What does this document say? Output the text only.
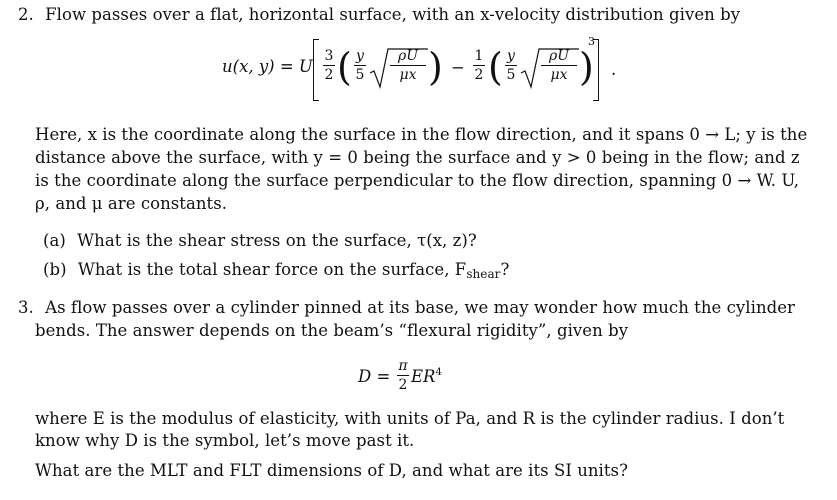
2. Flow passes over a flat, horizontal surface, with an x-velocity distribution given by
u(x, y) = U
3
2 ( y
5
ρU
μx ) −
1
2 ( y
5
ρU
μx )
3
.
Here, x is the coordinate along the surface in the flow direction, and it spans 0 → L; y is the
distance above the surface, with y = 0 being the surface and y > 0 being in the flow; and z
is the coordinate along the surface perpendicular to the flow direction, spanning 0 → W. U,
ρ, and μ are constants.
(a) What is the shear stress on the surface, τ(x, z)?
(b) What is the total shear force on the surface, $F_{shear}$?
3. As flow passes over a cylinder pinned at its base, we may wonder how much the cylinder
bends. The answer depends on the beam’s “flexural rigidity”, given by
D =
π
2 $ER^4$
where E is the modulus of elasticity, with units of Pa, and R is the cylinder radius. I don’t
know why D is the symbol, let’s move past it.
What are the MLT and FLT dimensions of D, and what are its SI units?
